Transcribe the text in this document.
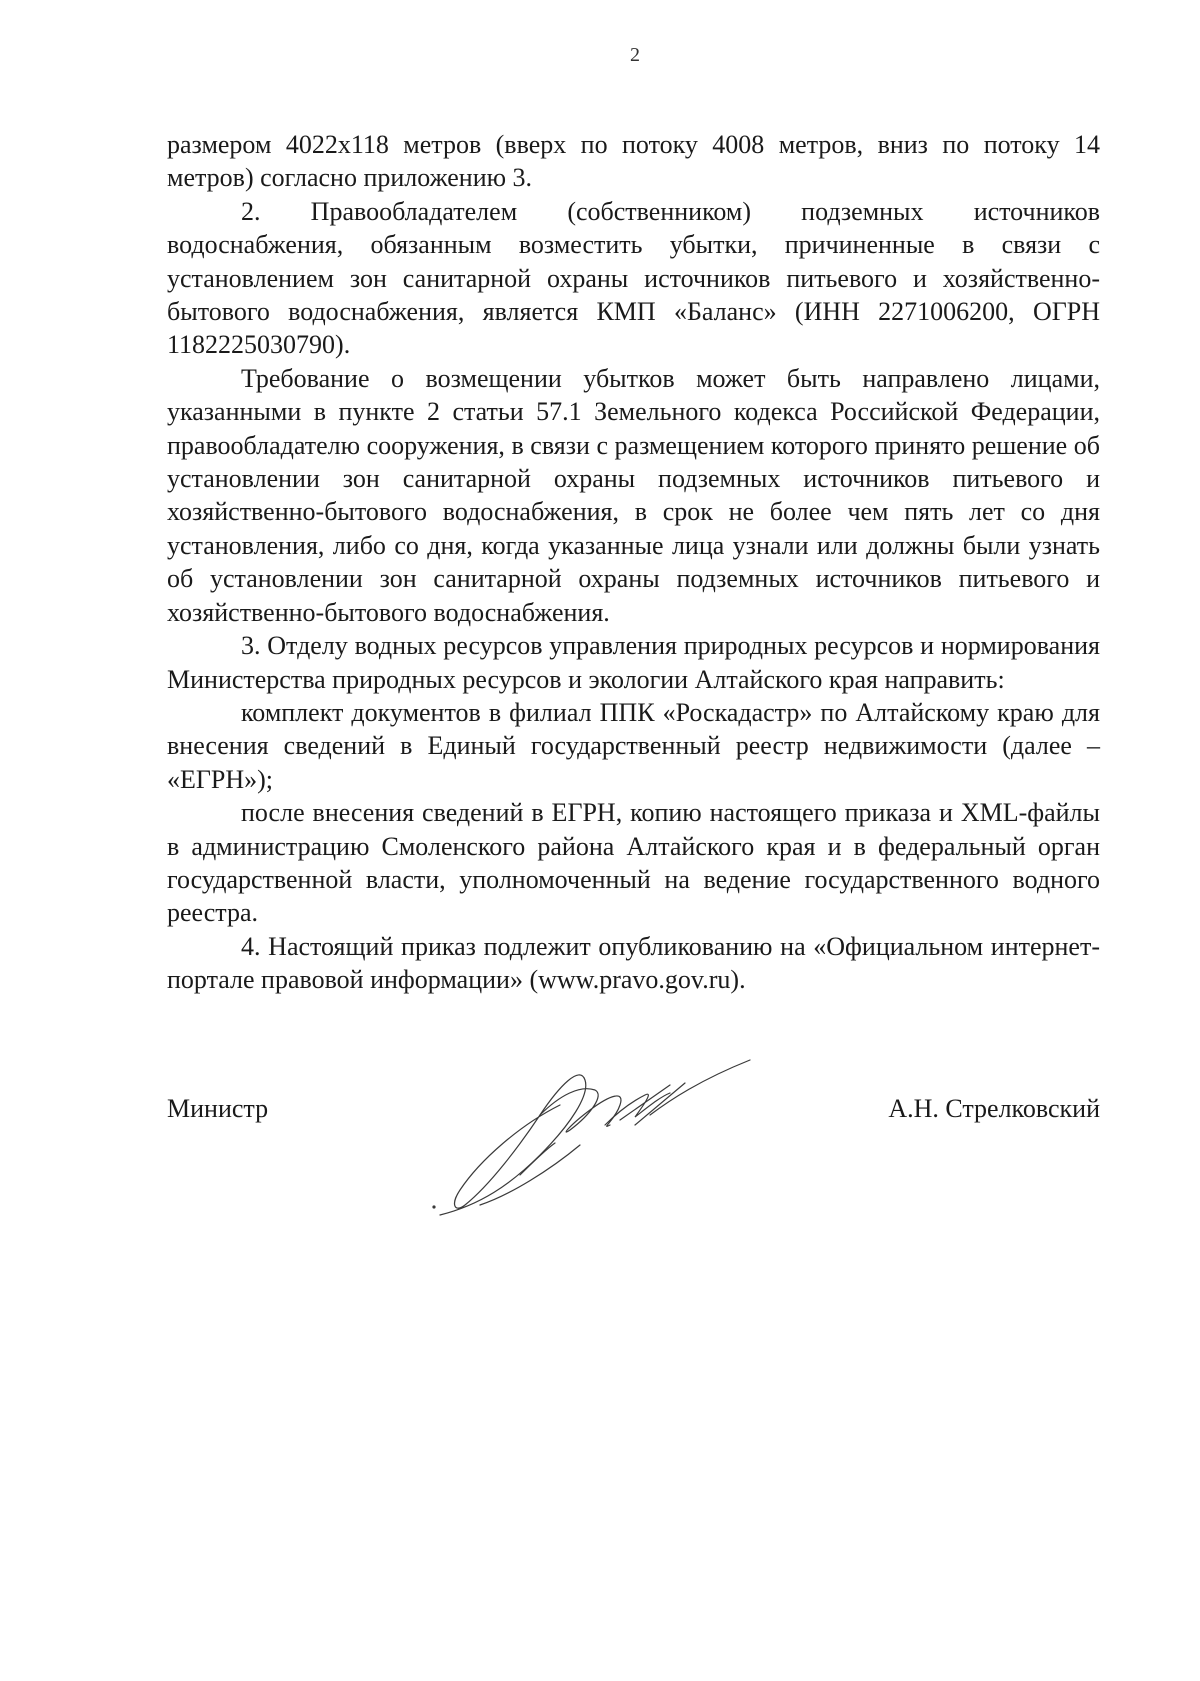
2

размером 4022х118 метров (вверх по потоку 4008 метров, вниз по потоку 14 метров) согласно приложению 3.

2. Правообладателем (собственником) подземных источников водоснабжения, обязанным возместить убытки, причиненные в связи с установлением зон санитарной охраны источников питьевого и хозяйственно-бытового водоснабжения, является КМП «Баланс» (ИНН 2271006200, ОГРН 1182225030790).

Требование о возмещении убытков может быть направлено лицами, указанными в пункте 2 статьи 57.1 Земельного кодекса Российской Федерации, правообладателю сооружения, в связи с размещением которого принято решение об установлении зон санитарной охраны подземных источников питьевого и хозяйственно-бытового водоснабжения, в срок не более чем пять лет со дня установления, либо со дня, когда указанные лица узнали или должны были узнать об установлении зон санитарной охраны подземных источников питьевого и хозяйственно-бытового водоснабжения.

3. Отделу водных ресурсов управления природных ресурсов и нормирования Министерства природных ресурсов и экологии Алтайского края направить:

комплект документов в филиал ППК «Роскадастр» по Алтайскому краю для внесения сведений в Единый государственный реестр недвижимости (далее – «ЕГРН»);

после внесения сведений в ЕГРН, копию настоящего приказа и XML-файлы в администрацию Смоленского района Алтайского края и в федеральный орган государственной власти, уполномоченный на ведение государственного водного реестра.

4. Настоящий приказ подлежит опубликованию на «Официальном интернет-портале правовой информации» (www.pravo.gov.ru).

Министр	А.Н. Стрелковский
